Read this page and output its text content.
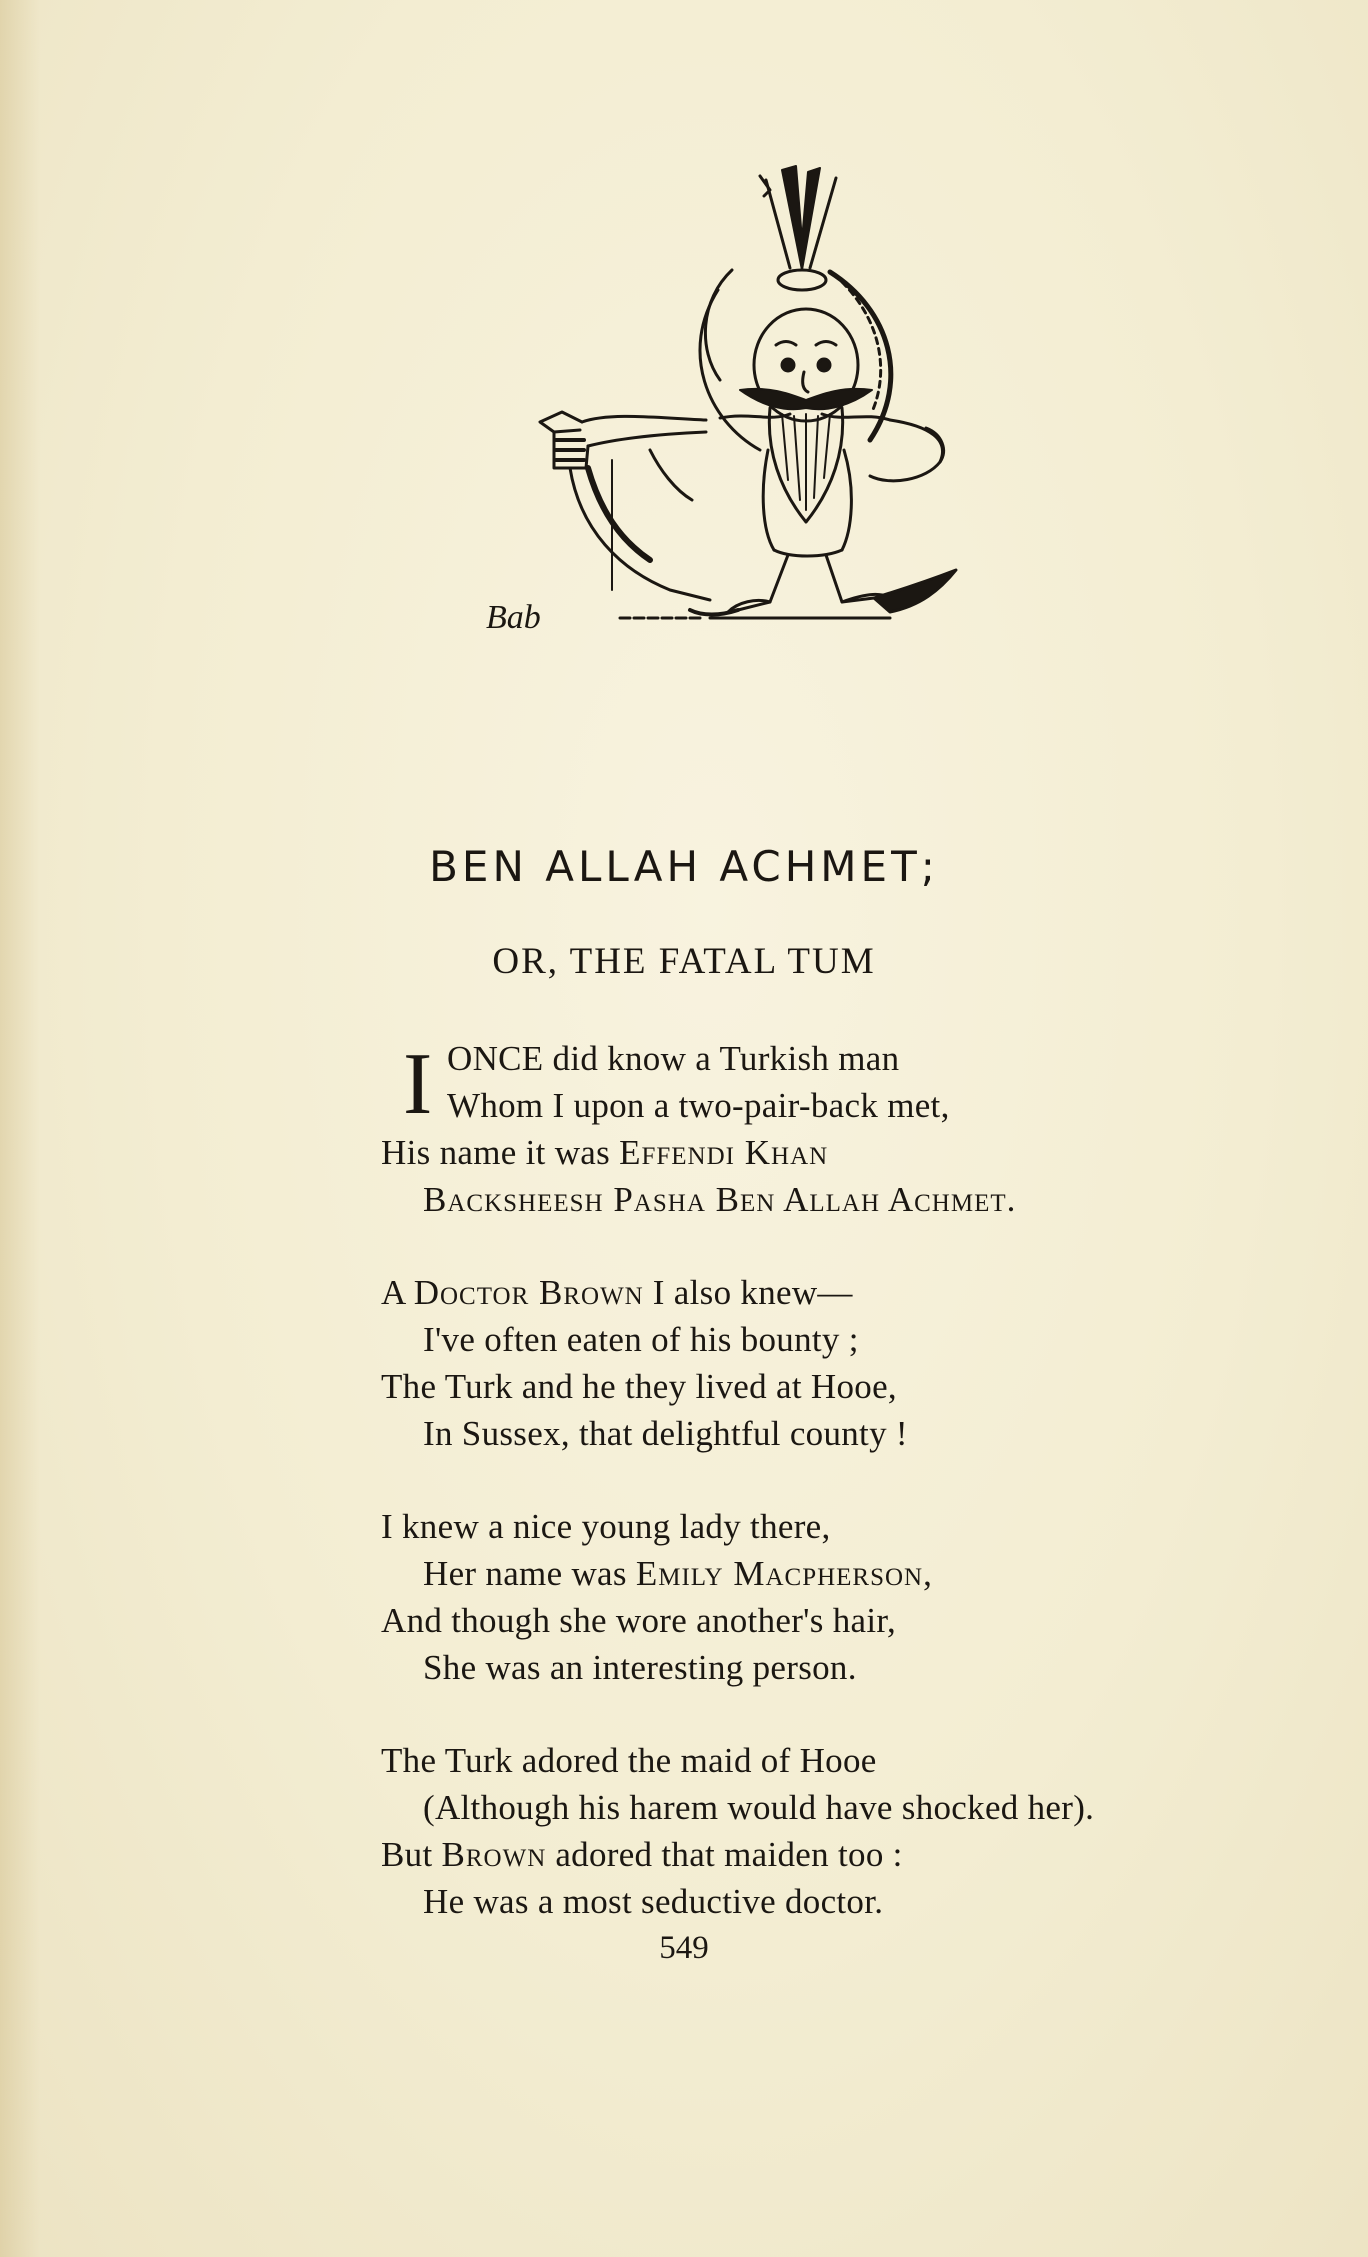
Bab
BEN ALLAH ACHMET;
OR, THE FATAL TUM
I ONCE did know a Turkish man
Whom I upon a two-pair-back met,
His name it was Effendi Khan
Backsheesh Pasha Ben Allah Achmet.
A Doctor Brown I also knew—
I've often eaten of his bounty ;
The Turk and he they lived at Hooe,
In Sussex, that delightful county !
I knew a nice young lady there,
Her name was Emily Macpherson,
And though she wore another's hair,
She was an interesting person.
The Turk adored the maid of Hooe
(Although his harem would have shocked her).
But Brown adored that maiden too :
He was a most seductive doctor.
549
